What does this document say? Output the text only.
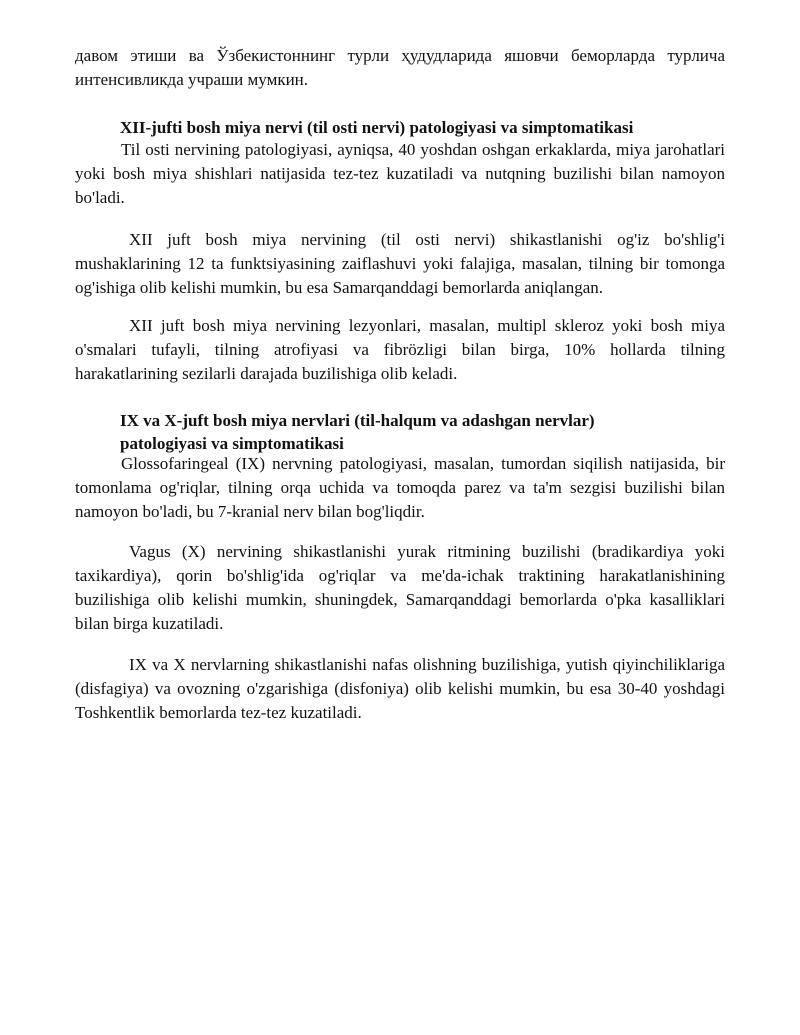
давом этиши ва Ўзбекистоннинг турли ҳудудларида яшовчи беморларда турлича интенсивликда учраши мумкин.

XII-jufti bosh miya nervi (til osti nervi) patologiyasi va simptomatikasi

Til osti nervining patologiyasi, ayniqsa, 40 yoshdan oshgan erkaklarda, miya jarohatlari yoki bosh miya shishlari natijasida tez-tez kuzatiladi va nutqning buzilishi bilan namoyon bo'ladi.

XII juft bosh miya nervining (til osti nervi) shikastlanishi og'iz bo'shlig'i mushaklarining 12 ta funktsiyasining zaiflashuvi yoki falajiga, masalan, tilning bir tomonga og'ishiga olib kelishi mumkin, bu esa Samarqanddagi bemorlarda aniqlangan.

XII juft bosh miya nervining lezyonlari, masalan, multipl skleroz yoki bosh miya o'smalari tufayli, tilning atrofiyasi va fibrözligi bilan birga, 10% hollarda tilning harakatlarining sezilarli darajada buzilishiga olib keladi.

IX va X-juft bosh miya nervlari (til-halqum va adashgan nervlar)
patologiyasi va simptomatikasi

Glossofaringeal (IX) nervning patologiyasi, masalan, tumordan siqilish natijasida, bir tomonlama og'riqlar, tilning orqa uchida va tomoqda parez va ta'm sezgisi buzilishi bilan namoyon bo'ladi, bu 7-kranial nerv bilan bog'liqdir.

Vagus (X) nervining shikastlanishi yurak ritmining buzilishi (bradikardiya yoki taxikardiya), qorin bo'shlig'ida og'riqlar va me'da-ichak traktining harakatlanishining buzilishiga olib kelishi mumkin, shuningdek, Samarqanddagi bemorlarda o'pka kasalliklari bilan birga kuzatiladi.

IX va X nervlarning shikastlanishi nafas olishning buzilishiga, yutish qiyinchiliklariga (disfagiya) va ovozning o'zgarishiga (disfoniya) olib kelishi mumkin, bu esa 30-40 yoshdagi Toshkentlik bemorlarda tez-tez kuzatiladi.
